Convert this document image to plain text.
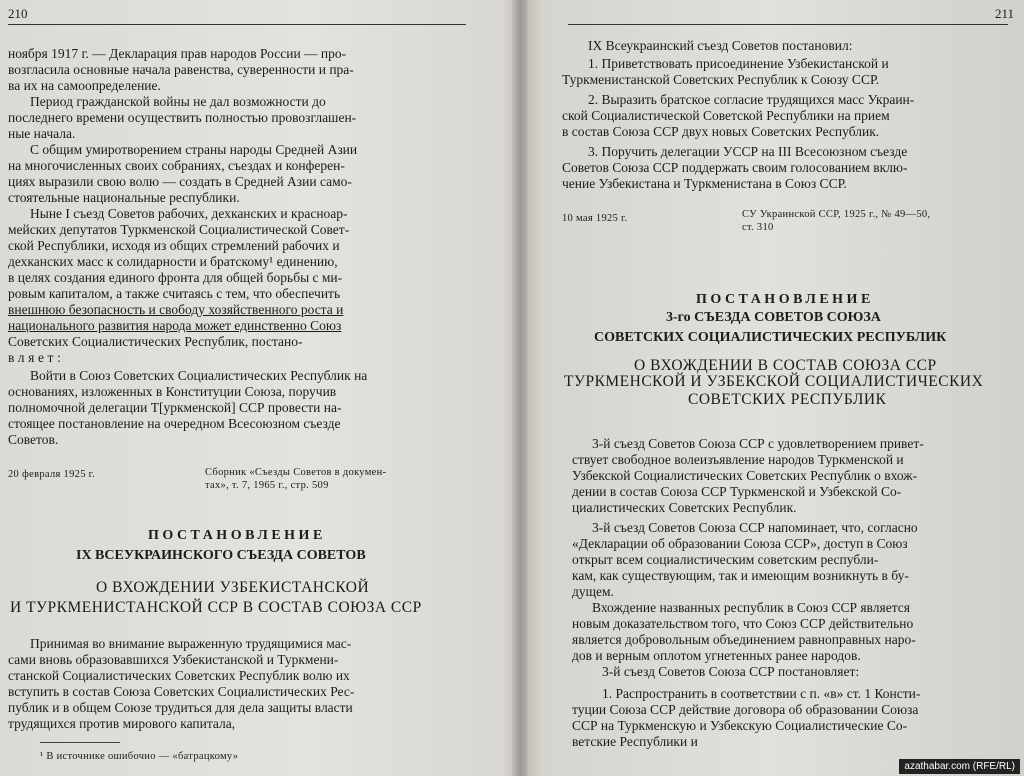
210
ноября 1917 г. — Декларация прав народов России — про-
возгласила основные начала равенства, суверенности и пра-
ва их на самоопределение.
Период гражданской войны не дал возможности до
последнего времени осуществить полностью провозглашен-
ные начала.
С общим умиротворением страны народы Средней Азии
на многочисленных своих собраниях, съездах и конферен-
циях выразили свою волю — создать в Средней Азии само-
стоятельные национальные республики.
Ныне I съезд Советов рабочих, дехканских и красноар-
мейских депутатов Туркменской Социалистической Совет-
ской Республики, исходя из общих стремлений рабочих и
дехканских масс к солидарности и братскому¹ единению,
в целях создания единого фронта для общей борьбы с ми-
ровым капиталом, а также считаясь с тем, что обеспечить
внешнюю безопасность и свободу хозяйственного роста и
национального развития народа может единственно Союз
Советских Социалистических Республик, постано-
вляет:
Войти в Союз Советских Социалистических Республик на
основаниях, изложенных в Конституции Союза, поручив
полномочной делегации Т[уркменской] ССР провести на-
стоящее постановление на очередном Всесоюзном съезде
Советов.
20 февраля 1925 г.	Сборник «Съезды Советов в докумен-
тах», т. 7, 1965 г., стр. 509
ПОСТАНОВЛЕНИЕ
IX ВСЕУКРАИНСКОГО СЪЕЗДА СОВЕТОВ
О ВХОЖДЕНИИ УЗБЕКИСТАНСКОЙ
И ТУРКМЕНИСТАНСКОЙ ССР В СОСТАВ СОЮЗА ССР
Принимая во внимание выраженную трудящимися мас-
сами вновь образовавшихся Узбекистанской и Туркмени-
станской Социалистических Советских Республик волю их
вступить в состав Союза Советских Социалистических Рес-
публик и в общем Союзе трудиться для дела защиты власти
трудящихся против мирового капитала,
¹ В источнике ошибочно — «батрацкому»
211
IX Всеукраинский съезд Советов постановил:
1. Приветствовать присоединение Узбекистанской и
Туркменистанской Советских Республик к Союзу ССР.
2. Выразить братское согласие трудящихся масс Украин-
ской Социалистической Советской Республики на прием
в состав Союза ССР двух новых Советских Республик.
3. Поручить делегации УССР на III Всесоюзном съезде
Советов Союза ССР поддержать своим голосованием вклю-
чение Узбекистана и Туркменистана в Союз ССР.
10 мая 1925 г.	СУ Украинской ССР, 1925 г., № 49—50,
ст. 310
ПОСТАНОВЛЕНИЕ
3-го СЪЕЗДА СОВЕТОВ СОЮЗА
СОВЕТСКИХ СОЦИАЛИСТИЧЕСКИХ РЕСПУБЛИК
О ВХОЖДЕНИИ В СОСТАВ СОЮЗА ССР
ТУРКМЕНСКОЙ И УЗБЕКСКОЙ СОЦИАЛИСТИЧЕСКИХ
СОВЕТСКИХ РЕСПУБЛИК
3-й съезд Советов Союза ССР с удовлетворением привет-
ствует свободное волеизъявление народов Туркменской и
Узбекской Социалистических Советских Республик о вхож-
дении в состав Союза ССР Туркменской и Узбекской Со-
циалистических Советских Республик.
3-й съезд Советов Союза ССР напоминает, что, согласно
«Декларации об образовании Союза ССР», доступ в Союз
открыт всем социалистическим советским республи-
кам, как существующим, так и имеющим возникнуть в бу-
дущем.
Вхождение названных республик в Союз ССР является
новым доказательством того, что Союз ССР действительно
является добровольным объединением равноправных наро-
дов и верным оплотом угнетенных ранее народов.
3-й съезд Советов Союза ССР постановляет:
1. Распространить в соответствии с п. «в» ст. 1 Консти-
туции Союза ССР действие договора об образовании Союза
ССР на Туркменскую и Узбекскую Социалистические Со-
ветские Республики и
azathabar.com (RFE/RL)
